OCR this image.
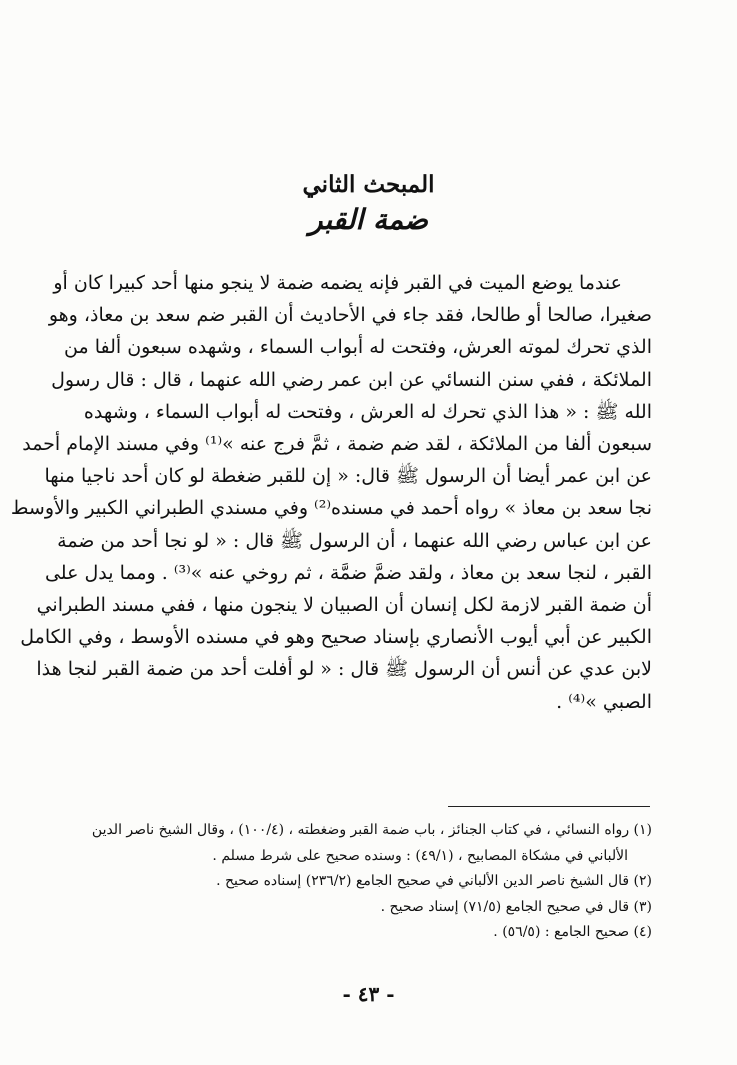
المبحث الثاني
ضمة القبر

عندما يوضع الميت في القبر فإنه يضمه ضمة لا ينجو منها أحد كبيرا كان أو
صغيرا، صالحا أو طالحا، فقد جاء في الأحاديث أن القبر ضم سعد بن معاذ، وهو
الذي تحرك لموته العرش، وفتحت له أبواب السماء ، وشهده سبعون ألفا من
الملائكة ، ففي سنن النسائي عن ابن عمر رضي الله عنهما ، قال : قال رسول
الله ﷺ : « هذا الذي تحرك له العرش ، وفتحت له أبواب السماء ، وشهده
سبعون ألفا من الملائكة ، لقد ضم ضمة ، ثمَّ فرج عنه »⁽¹⁾ وفي مسند الإمام أحمد
عن ابن عمر أيضا أن الرسول ﷺ قال: « إن للقبر ضغطة لو كان أحد ناجيا منها
نجا سعد بن معاذ » رواه أحمد في مسنده⁽²⁾ وفي مسندي الطبراني الكبير والأوسط
عن ابن عباس رضي الله عنهما ، أن الرسول ﷺ قال : « لو نجا أحد من ضمة
القبر ، لنجا سعد بن معاذ ، ولقد ضمَّ ضمَّة ، ثم روخي عنه »⁽³⁾ . ومما يدل على
أن ضمة القبر لازمة لكل إنسان أن الصبيان لا ينجون منها ، ففي مسند الطبراني
الكبير عن أبي أيوب الأنصاري بإسناد صحيح وهو في مسنده الأوسط ، وفي الكامل
لابن عدي عن أنس أن الرسول ﷺ قال : « لو أفلت أحد من ضمة القبر لنجا هذا
الصبي »⁽⁴⁾ .

(١) رواه النسائي ، في كتاب الجنائز ، باب ضمة القبر وضغطته ، (١٠٠/٤) ، وقال الشيخ ناصر الدين
الألباني في مشكاة المصابيح ، (٤٩/١) : وسنده صحيح على شرط مسلم .
(٢) قال الشيخ ناصر الدين الألباني في صحيح الجامع (٢٣٦/٢) إسناده صحيح .
(٣) قال في صحيح الجامع (٧١/٥) إسناد صحيح .
(٤) صحيح الجامع : (٥٦/٥) .
- ٤٣ -
